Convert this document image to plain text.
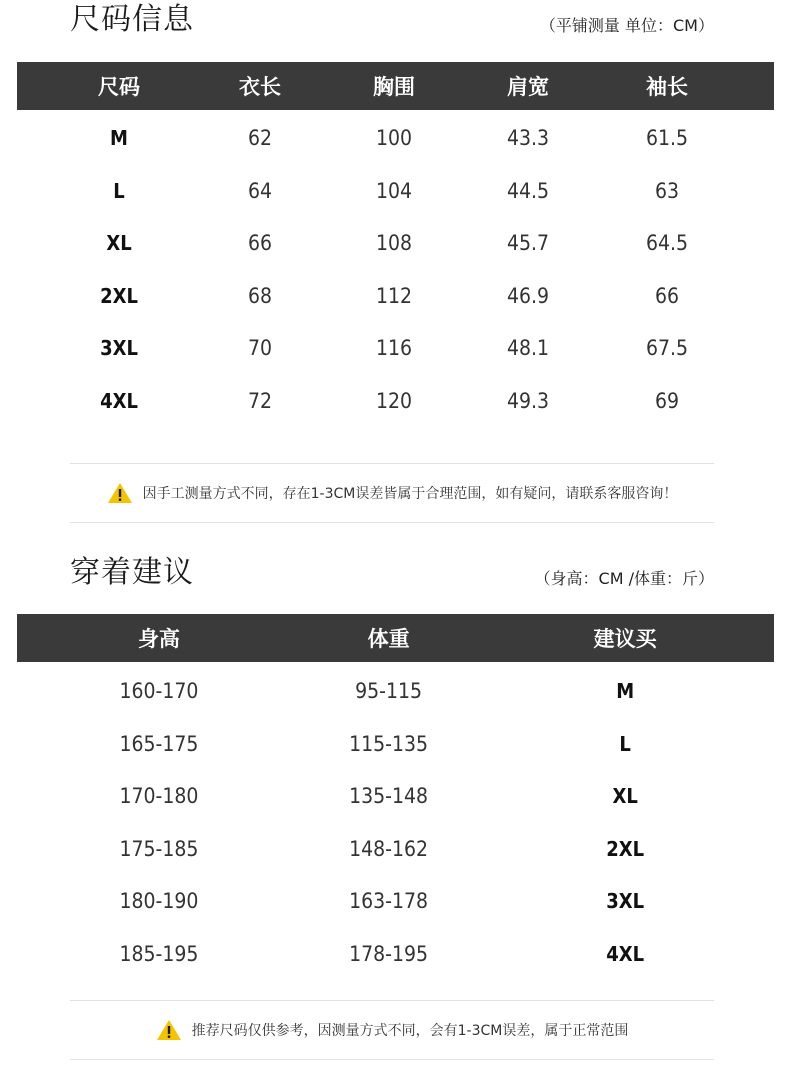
尺码信息	（平铺测量 单位：CM）
尺码	衣长	胸围	肩宽	袖长
M	62	100	43.3	61.5
L	64	104	44.5	63
XL	66	108	45.7	64.5
2XL	68	112	46.9	66
3XL	70	116	48.1	67.5
4XL	72	120	49.3	69
因手工测量方式不同，存在1-3CM误差皆属于合理范围，如有疑问，请联系客服咨询！
穿着建议	（身高：CM /体重：斤）
身高	体重	建议买
160-170	95-115	M
165-175	115-135	L
170-180	135-148	XL
175-185	148-162	2XL
180-190	163-178	3XL
185-195	178-195	4XL
推荐尺码仅供参考，因测量方式不同，会有1-3CM误差，属于正常范围
